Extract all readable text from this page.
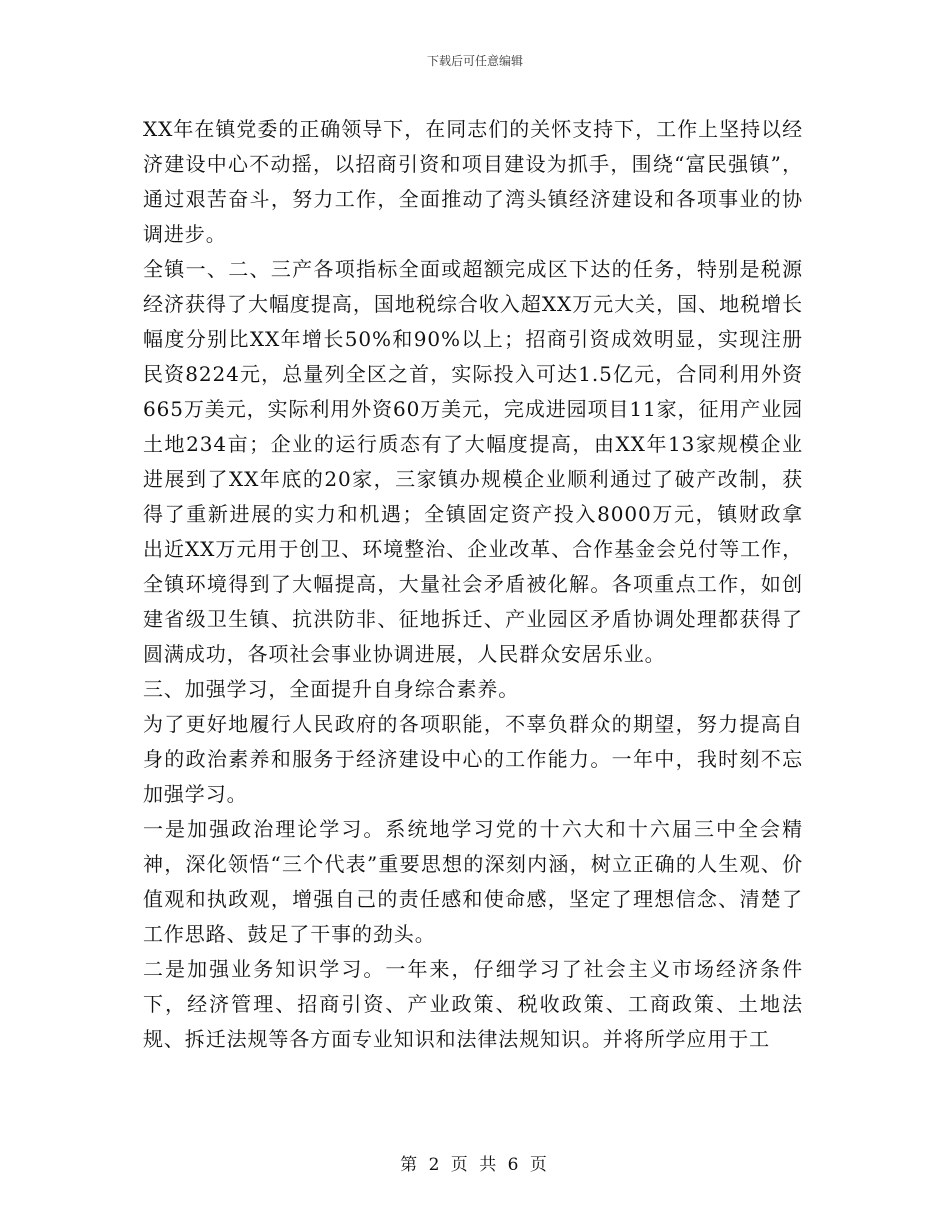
下载后可任意编辑

XX年在镇党委的正确领导下，在同志们的关怀支持下，工作上坚持以经济建设中心不动摇，以招商引资和项目建设为抓手，围绕“富民强镇”，通过艰苦奋斗，努力工作，全面推动了湾头镇经济建设和各项事业的协调进步。

全镇一、二、三产各项指标全面或超额完成区下达的任务，特别是税源经济获得了大幅度提高，国地税综合收入超XX万元大关，国、地税增长幅度分别比XX年增长50%和90%以上；招商引资成效明显，实现注册民资8224元，总量列全区之首，实际投入可达1.5亿元，合同利用外资665万美元，实际利用外资60万美元，完成进园项目11家，征用产业园土地234亩；企业的运行质态有了大幅度提高，由XX年13家规模企业进展到了XX年底的20家，三家镇办规模企业顺利通过了破产改制，获得了重新进展的实力和机遇；全镇固定资产投入8000万元，镇财政拿出近XX万元用于创卫、环境整治、企业改革、合作基金会兑付等工作，全镇环境得到了大幅提高，大量社会矛盾被化解。各项重点工作，如创建省级卫生镇、抗洪防非、征地拆迁、产业园区矛盾协调处理都获得了圆满成功，各项社会事业协调进展，人民群众安居乐业。

三、加强学习，全面提升自身综合素养。

为了更好地履行人民政府的各项职能，不辜负群众的期望，努力提高自身的政治素养和服务于经济建设中心的工作能力。一年中，我时刻不忘加强学习。

一是加强政治理论学习。系统地学习党的十六大和十六届三中全会精神，深化领悟“三个代表”重要思想的深刻内涵，树立正确的人生观、价值观和执政观，增强自己的责任感和使命感，坚定了理想信念、清楚了工作思路、鼓足了干事的劲头。

二是加强业务知识学习。一年来，仔细学习了社会主义市场经济条件下，经济管理、招商引资、产业政策、税收政策、工商政策、土地法规、拆迁法规等各方面专业知识和法律法规知识。并将所学应用于工

第 2 页 共 6 页
